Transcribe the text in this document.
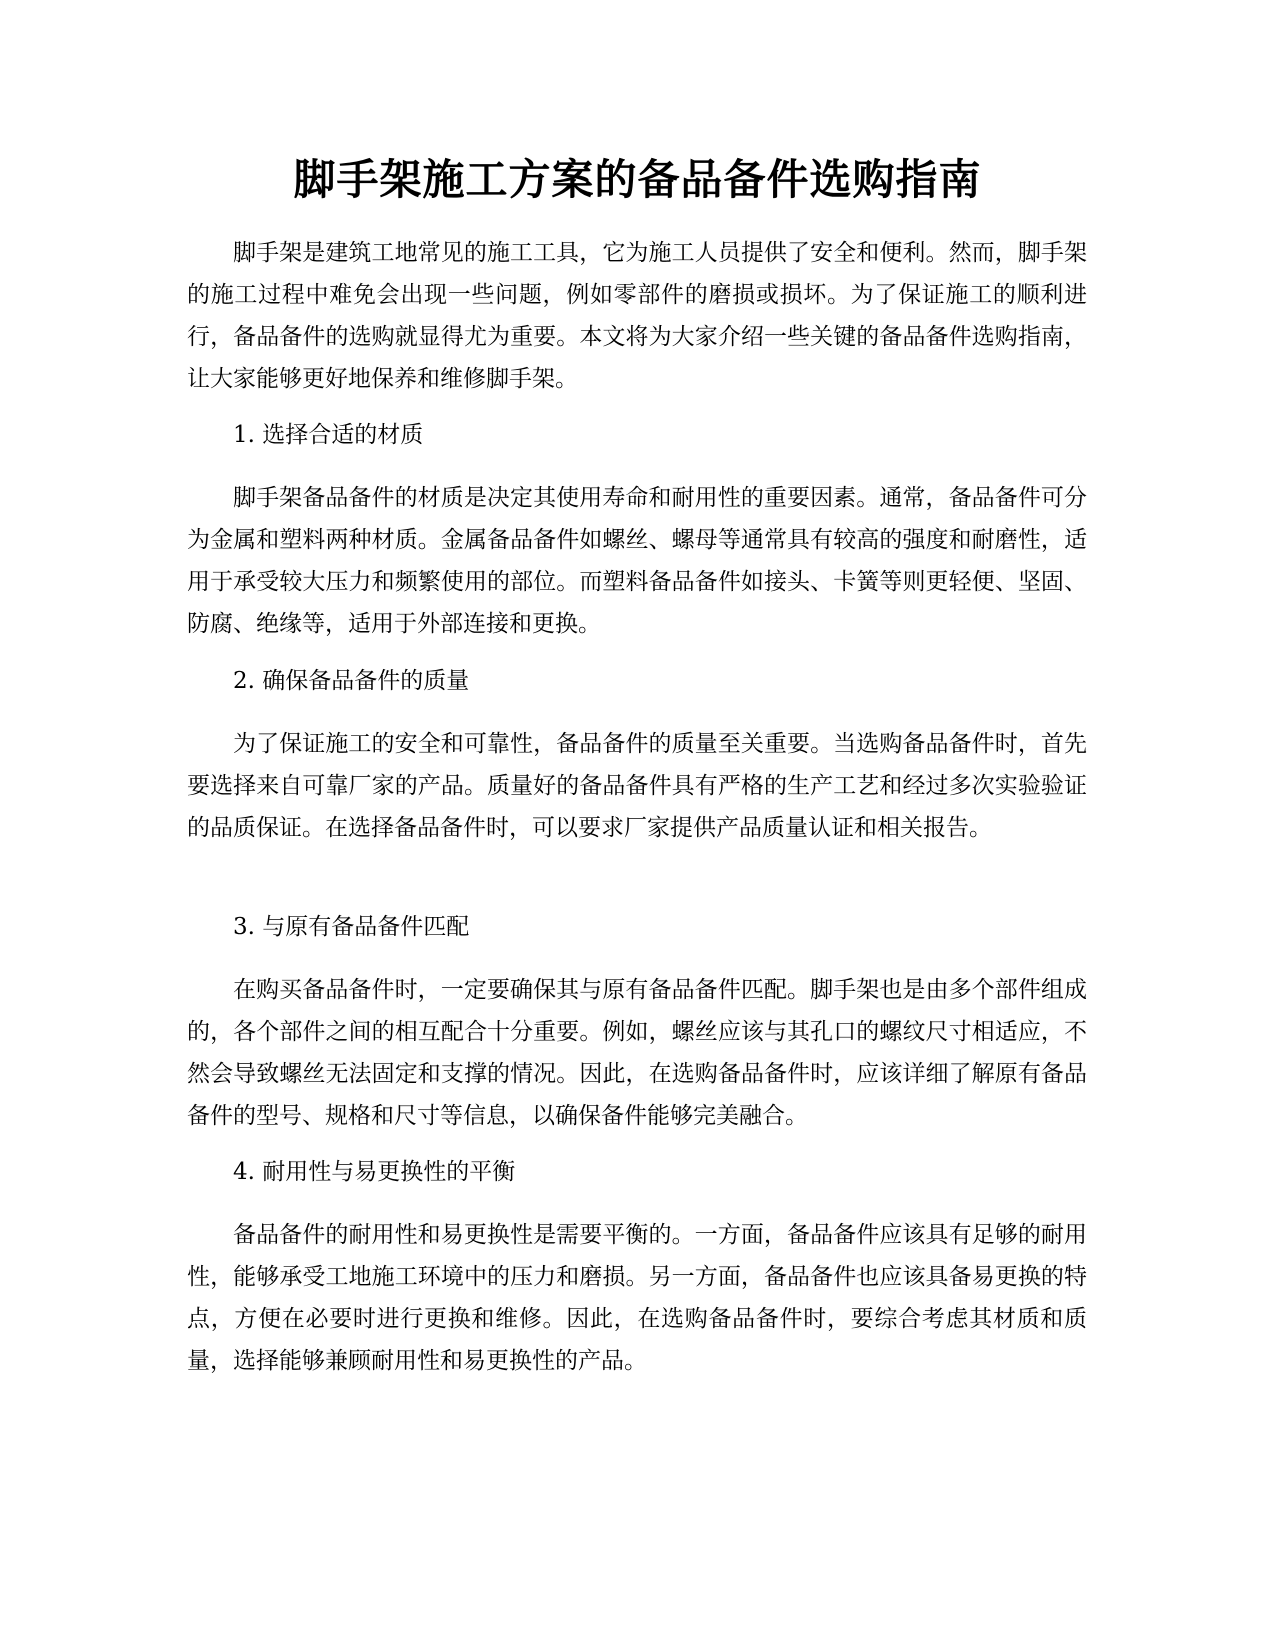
脚手架施工方案的备品备件选购指南

脚手架是建筑工地常见的施工工具，它为施工人员提供了安全和便利。然而，脚手架的施工过程中难免会出现一些问题，例如零部件的磨损或损坏。为了保证施工的顺利进行，备品备件的选购就显得尤为重要。本文将为大家介绍一些关键的备品备件选购指南，让大家能够更好地保养和维修脚手架。

1. 选择合适的材质

脚手架备品备件的材质是决定其使用寿命和耐用性的重要因素。通常，备品备件可分为金属和塑料两种材质。金属备品备件如螺丝、螺母等通常具有较高的强度和耐磨性，适用于承受较大压力和频繁使用的部位。而塑料备品备件如接头、卡簧等则更轻便、坚固、防腐、绝缘等，适用于外部连接和更换。

2. 确保备品备件的质量

为了保证施工的安全和可靠性，备品备件的质量至关重要。当选购备品备件时，首先要选择来自可靠厂家的产品。质量好的备品备件具有严格的生产工艺和经过多次实验验证的品质保证。在选择备品备件时，可以要求厂家提供产品质量认证和相关报告。

3. 与原有备品备件匹配

在购买备品备件时，一定要确保其与原有备品备件匹配。脚手架也是由多个部件组成的，各个部件之间的相互配合十分重要。例如，螺丝应该与其孔口的螺纹尺寸相适应，不然会导致螺丝无法固定和支撑的情况。因此，在选购备品备件时，应该详细了解原有备品备件的型号、规格和尺寸等信息，以确保备件能够完美融合。

4. 耐用性与易更换性的平衡

备品备件的耐用性和易更换性是需要平衡的。一方面，备品备件应该具有足够的耐用性，能够承受工地施工环境中的压力和磨损。另一方面，备品备件也应该具备易更换的特点，方便在必要时进行更换和维修。因此，在选购备品备件时，要综合考虑其材质和质量，选择能够兼顾耐用性和易更换性的产品。
